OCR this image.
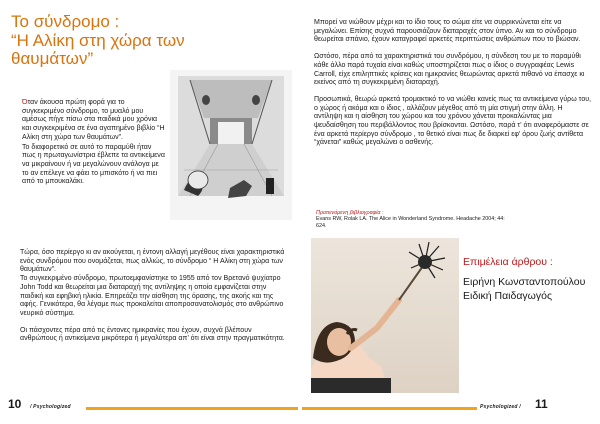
Το σύνδρομο :
“Η Αλίκη στη χώρα των θαυμάτων”

Όταν άκουσα πρώτη φορά για το συγκεκριμένο σύνδρομο, το μυαλό μου αμέσως πήγε πίσω στα παιδικά μου χρόνια και συγκεκριμένα σε ένα αγαπημένο βιβλίο “Η Αλίκη στη χώρα των θαυμάτων”.

Το διαφορετικό σε αυτό το παραμύθι ήταν πως η πρωταγωνίστρια έβλεπε τα αντικείμενα να μικραίνουν ή να μεγαλώνουν ανάλογα με το αν επέλεγε να φάει το μπισκότο ή να πιει από το μπουκαλάκι.

Τώρα, όσο περίεργο κι αν ακούγεται, η έντονη αλλαγή μεγέθους είναι χαρακτηριστικά ενός συνδρόμου που ονομάζεται, πως αλλιώς, το σύνδρομο “ Η Αλίκη στη χώρα των θαυμάτων”.

Το συγκεκριμένο σύνδρομο, πρωτοεμφανίστηκε το 1955 από τον Βρετανό ψυχίατρο John Todd και θεωρείται μια διαταραχή της αντίληψης η οποία εμφανίζεται στην παιδική και εφηβική ηλικία. Επηρεάζει την αίσθηση της όρασης, της ακοής και της αφής. Γενικότερα, θα λέγαμε πως προκαλείται αποπροσανατολισμός στο ανθρώπινο νευρικό σύστημα.

Οι πάσχοντες πέρα από τις έντονες ημικρανίες που έχουν, συχνά βλέπουν ανθρώπους ή αντικείμενα μικρότερα ή μεγαλύτερα απ’ ότι είναι στην πραγματικότητα.

10 / Psychologized

Μπορεί να νιώθουν μέχρι και το ίδιο τους το σώμα είτε να συρρικνώνεται είτε να μεγαλώνει. Επίσης συχνά παρουσιάζουν διαταραχές στον ύπνο. Αν και το σύνδρομο θεωρείται σπάνιο, έχουν καταγραφεί αρκετές περιπτώσεις ανθρώπων που το βιώσαν.

Ωστόσο, πέρα από τα χαρακτηριστικά του συνδρόμου, η σύνδεση του με το παραμύθι κάθε άλλο παρά τυχαία είναι καθώς υποστηρίζεται πως ο ίδιος ο συγγραφέας Lewis Carroll, είχε επιληπτικές κρίσεις και ημικρανίες θεωρώντας αρκετά πιθανό να έπασχε κι εκείνος από τη συγκεκριμένη διαταραχή.

Προσωπικά, θεωρώ αρκετά τρομακτικό το να νιώθει κανείς πως τα αντικείμενα γύρω του, ο χώρος ή ακόμα και ο ίδιος , αλλάζουν μέγεθος από τη μία στιγμή στην άλλη. Η αντίληψη και η αίσθηση του χώρου και του χρόνου χάνεται προκαλώντας μια ψευδαίσθηση του περιβάλλοντος που βρίσκονται. Ωστόσο, παρά τ' ότι αναφερόμαστε σε ένα αρκετά περίεργο σύνδρομο , το θετικό είναι πως δε διαρκεί εφ' όρου ζωής αντίθετα “χάνεται” καθώς μεγαλώνει ο ασθενής.

Προτεινόμενη βιβλιογραφία :

Evans RW, Rolak LA. The Alice in Wonderland Syndrome. Headache 2004; 44: 624.

Επιμέλεια άρθρου :

Ειρήνη Κωνσταντοπούλου

Ειδική Παιδαγωγός

Psychologized / 11
